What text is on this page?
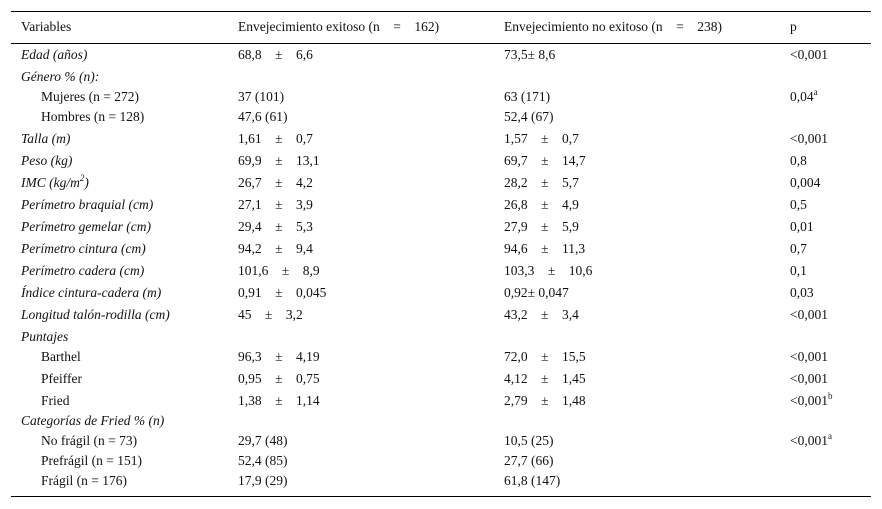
Variables	Envejecimiento exitoso (n  =  162)	Envejecimiento no exitoso (n  =  238)	p
Edad (años)	68,8  ±  6,6	73,5± 8,6	<0,001
Género % (n):
Mujeres (n = 272)	37 (101)	63 (171)	0,04$^a$
Hombres (n = 128)	47,6 (61)	52,4 (67)
Talla (m)	1,61  ±  0,7	1,57  ±  0,7	<0,001
Peso (kg)	69,9  ±  13,1	69,7  ±  14,7	0,8
IMC $(kg/m^2)$	26,7  ±  4,2	28,2  ±  5,7	0,004
Perímetro braquial (cm)	27,1  ±  3,9	26,8  ±  4,9	0,5
Perímetro gemelar (cm)	29,4  ±  5,3	27,9  ±  5,9	0,01
Perímetro cintura (cm)	94,2  ±  9,4	94,6  ±  11,3	0,7
Perímetro cadera (cm)	101,6  ±  8,9	103,3  ±  10,6	0,1
Índice cintura-cadera (m)	0,91  ±  0,045	0,92± 0,047	0,03
Longitud talón-rodilla (cm)	45  ±  3,2	43,2  ±  3,4	<0,001
Puntajes
Barthel	96,3  ±  4,19	72,0  ±  15,5	<0,001
Pfeiffer	0,95  ±  0,75	4,12  ±  1,45	<0,001
Fried	1,38  ±  1,14	2,79  ±  1,48	<0,001$^b$
Categorías de Fried % (n)
No frágil (n = 73)	29,7 (48)	10,5 (25)	<0,001$^a$
Prefrágil (n = 151)	52,4 (85)	27,7 (66)
Frágil (n = 176)	17,9 (29)	61,8 (147)
